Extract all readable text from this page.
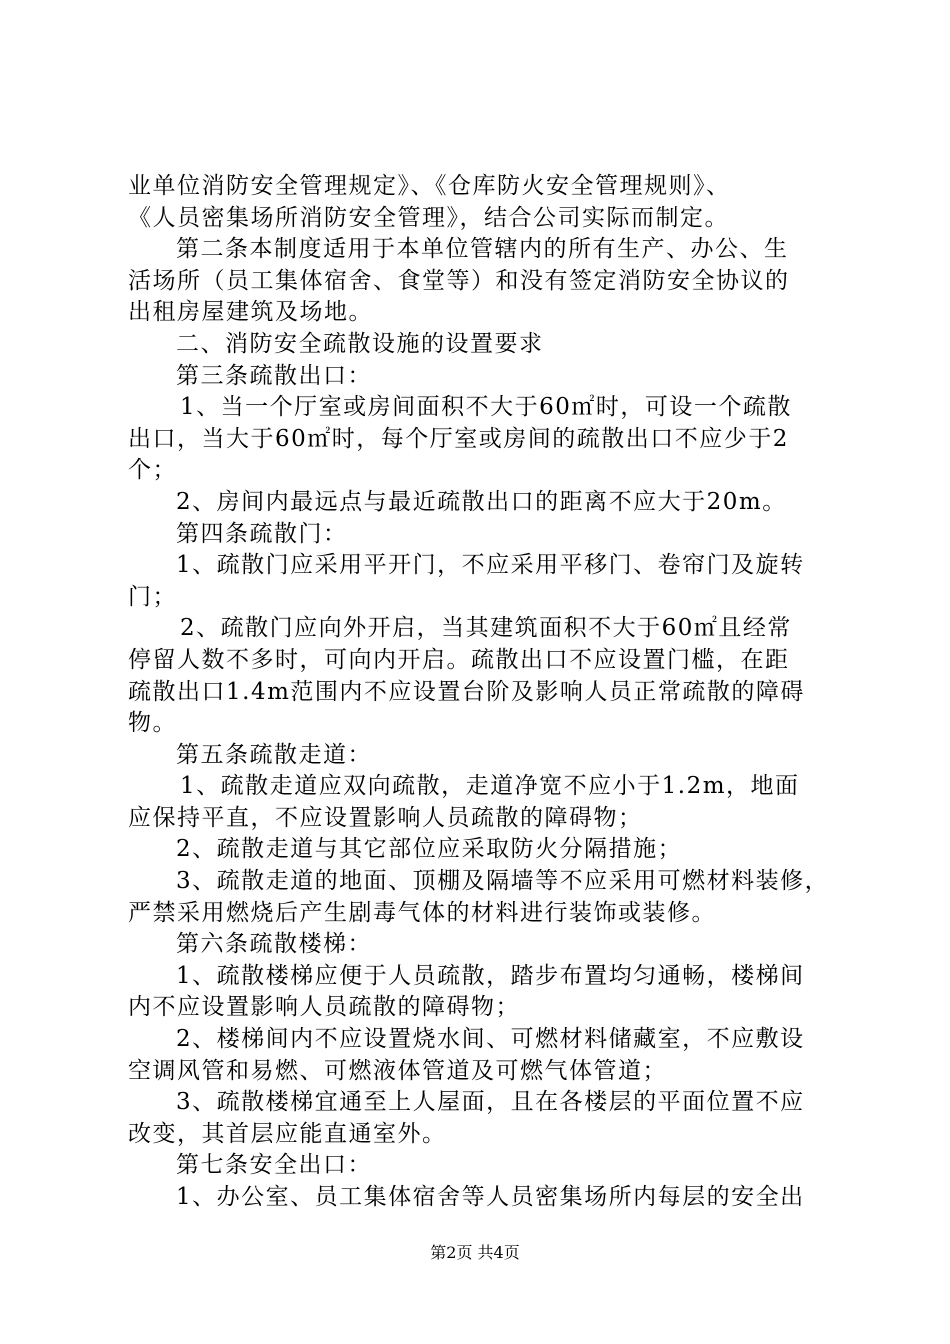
业单位消防安全管理规定》、《仓库防火安全管理规则》、
《人员密集场所消防安全管理》，结合公司实际而制定。
第二条本制度适用于本单位管辖内的所有生产、办公、生
活场所（员工集体宿舍、食堂等）和没有签定消防安全协议的
出租房屋建筑及场地。
二、消防安全疏散设施的设置要求
第三条疏散出口：
1、当一个厅室或房间面积不大于60㎡时，可设一个疏散
出口，当大于60㎡时，每个厅室或房间的疏散出口不应少于2
个；
2、房间内最远点与最近疏散出口的距离不应大于20m。
第四条疏散门：
1、疏散门应采用平开门，不应采用平移门、卷帘门及旋转
门；
2、疏散门应向外开启，当其建筑面积不大于60㎡且经常
停留人数不多时，可向内开启。疏散出口不应设置门槛，在距
疏散出口1.4m范围内不应设置台阶及影响人员正常疏散的障碍
物。
第五条疏散走道：
1、疏散走道应双向疏散，走道净宽不应小于1.2m，地面
应保持平直，不应设置影响人员疏散的障碍物；
2、疏散走道与其它部位应采取防火分隔措施；
3、疏散走道的地面、顶棚及隔墙等不应采用可燃材料装修，
严禁采用燃烧后产生剧毒气体的材料进行装饰或装修。
第六条疏散楼梯：
1、疏散楼梯应便于人员疏散，踏步布置均匀通畅，楼梯间
内不应设置影响人员疏散的障碍物；
2、楼梯间内不应设置烧水间、可燃材料储藏室，不应敷设
空调风管和易燃、可燃液体管道及可燃气体管道；
3、疏散楼梯宜通至上人屋面，且在各楼层的平面位置不应
改变，其首层应能直通室外。
第七条安全出口：
1、办公室、员工集体宿舍等人员密集场所内每层的安全出
第2页 共4页
